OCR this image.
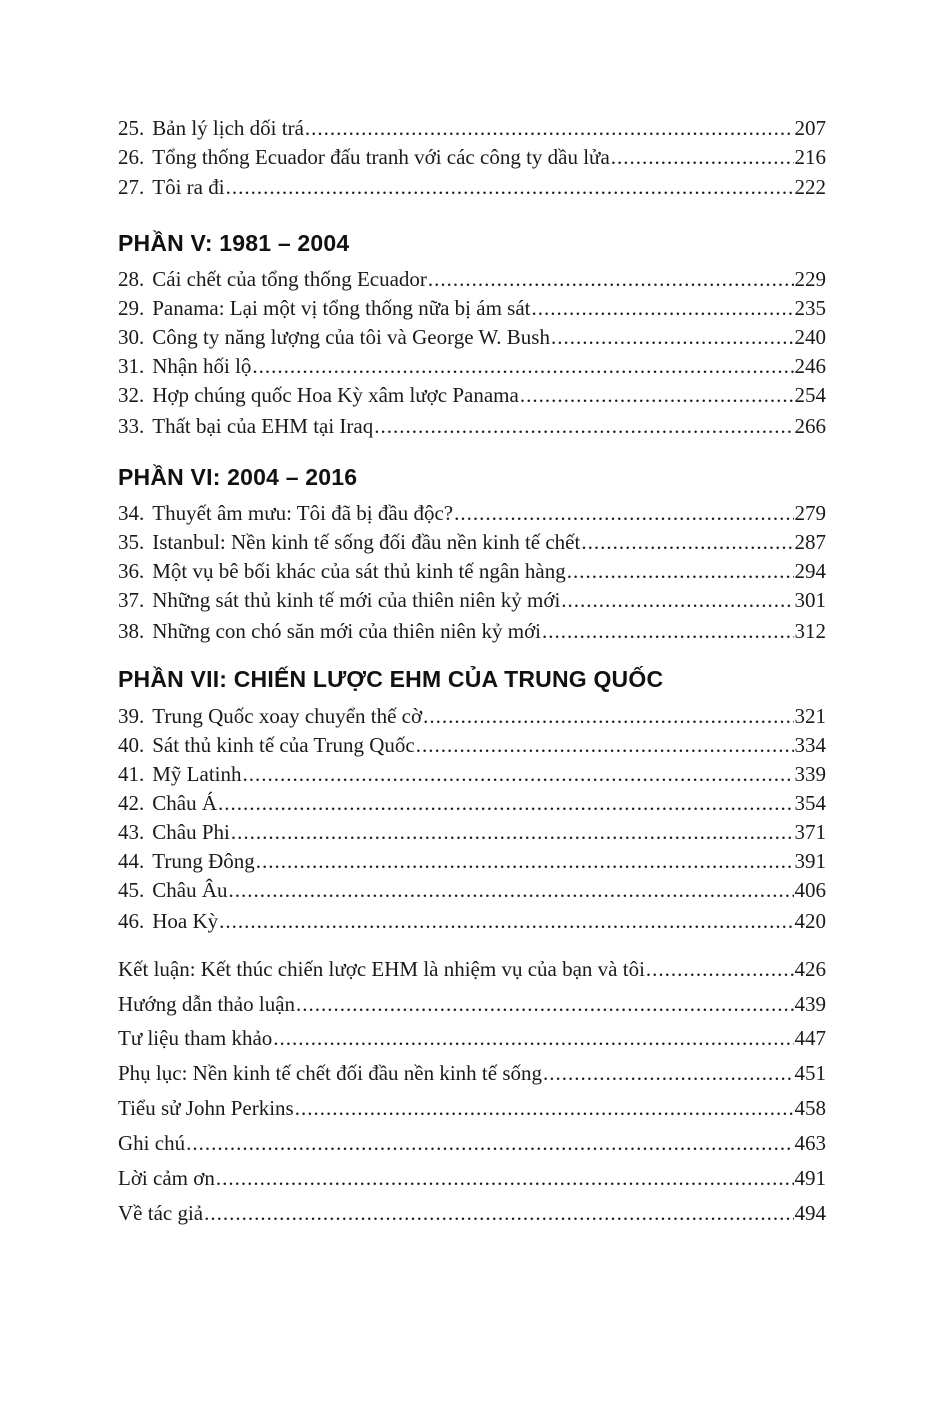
25. Bản lý lịch dối trá .....	207
26. Tổng thống Ecuador đấu tranh với các công ty dầu lửa .....	216
27. Tôi ra đi .....	222
PHẦN V: 1981 – 2004
28. Cái chết của tổng thống Ecuador .....	229
29. Panama: Lại một vị tổng thống nữa bị ám sát .....	235
30. Công ty năng lượng của tôi và George W. Bush .....	240
31. Nhận hối lộ .....	246
32. Hợp chúng quốc Hoa Kỳ xâm lược Panama .....	254
33. Thất bại của EHM tại Iraq .....	266
PHẦN VI: 2004 – 2016
34. Thuyết âm mưu: Tôi đã bị đầu độc? .....	279
35. Istanbul: Nền kinh tế sống đối đầu nền kinh tế chết .....	287
36. Một vụ bê bối khác của sát thủ kinh tế ngân hàng .....	294
37. Những sát thủ kinh tế mới của thiên niên kỷ mới .....	301
38. Những con chó săn mới của thiên niên kỷ mới .....	312
PHẦN VII: CHIẾN LƯỢC EHM CỦA TRUNG QUỐC
39. Trung Quốc xoay chuyển thế cờ .....	321
40. Sát thủ kinh tế của Trung Quốc .....	334
41. Mỹ Latinh .....	339
42. Châu Á .....	354
43. Châu Phi .....	371
44. Trung Đông .....	391
45. Châu Âu .....	406
46. Hoa Kỳ .....	420
Kết luận: Kết thúc chiến lược EHM là nhiệm vụ của bạn và tôi .....	426
Hướng dẫn thảo luận .....	439
Tư liệu tham khảo .....	447
Phụ lục: Nền kinh tế chết đối đầu nền kinh tế sống .....	451
Tiểu sử John Perkins .....	458
Ghi chú .....	463
Lời cảm ơn .....	491
Về tác giả .....	494
